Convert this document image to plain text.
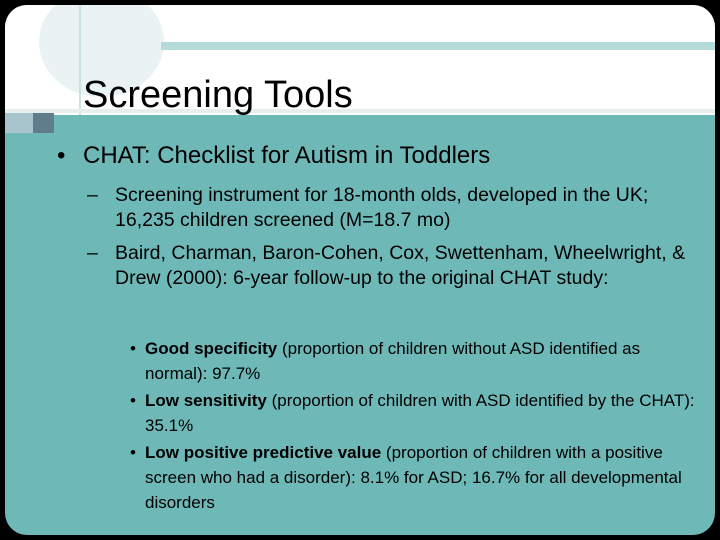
Screening Tools
• CHAT: Checklist for Autism in Toddlers
– Screening instrument for 18-month olds, developed in the UK; 16,235 children screened (M=18.7 mo)
– Baird, Charman, Baron-Cohen, Cox, Swettenham, Wheelwright, & Drew (2000): 6-year follow-up to the original CHAT study:
• Good specificity (proportion of children without ASD identified as normal): 97.7%
• Low sensitivity (proportion of children with ASD identified by the CHAT): 35.1%
• Low positive predictive value (proportion of children with a positive screen who had a disorder): 8.1% for ASD; 16.7% for all developmental disorders
